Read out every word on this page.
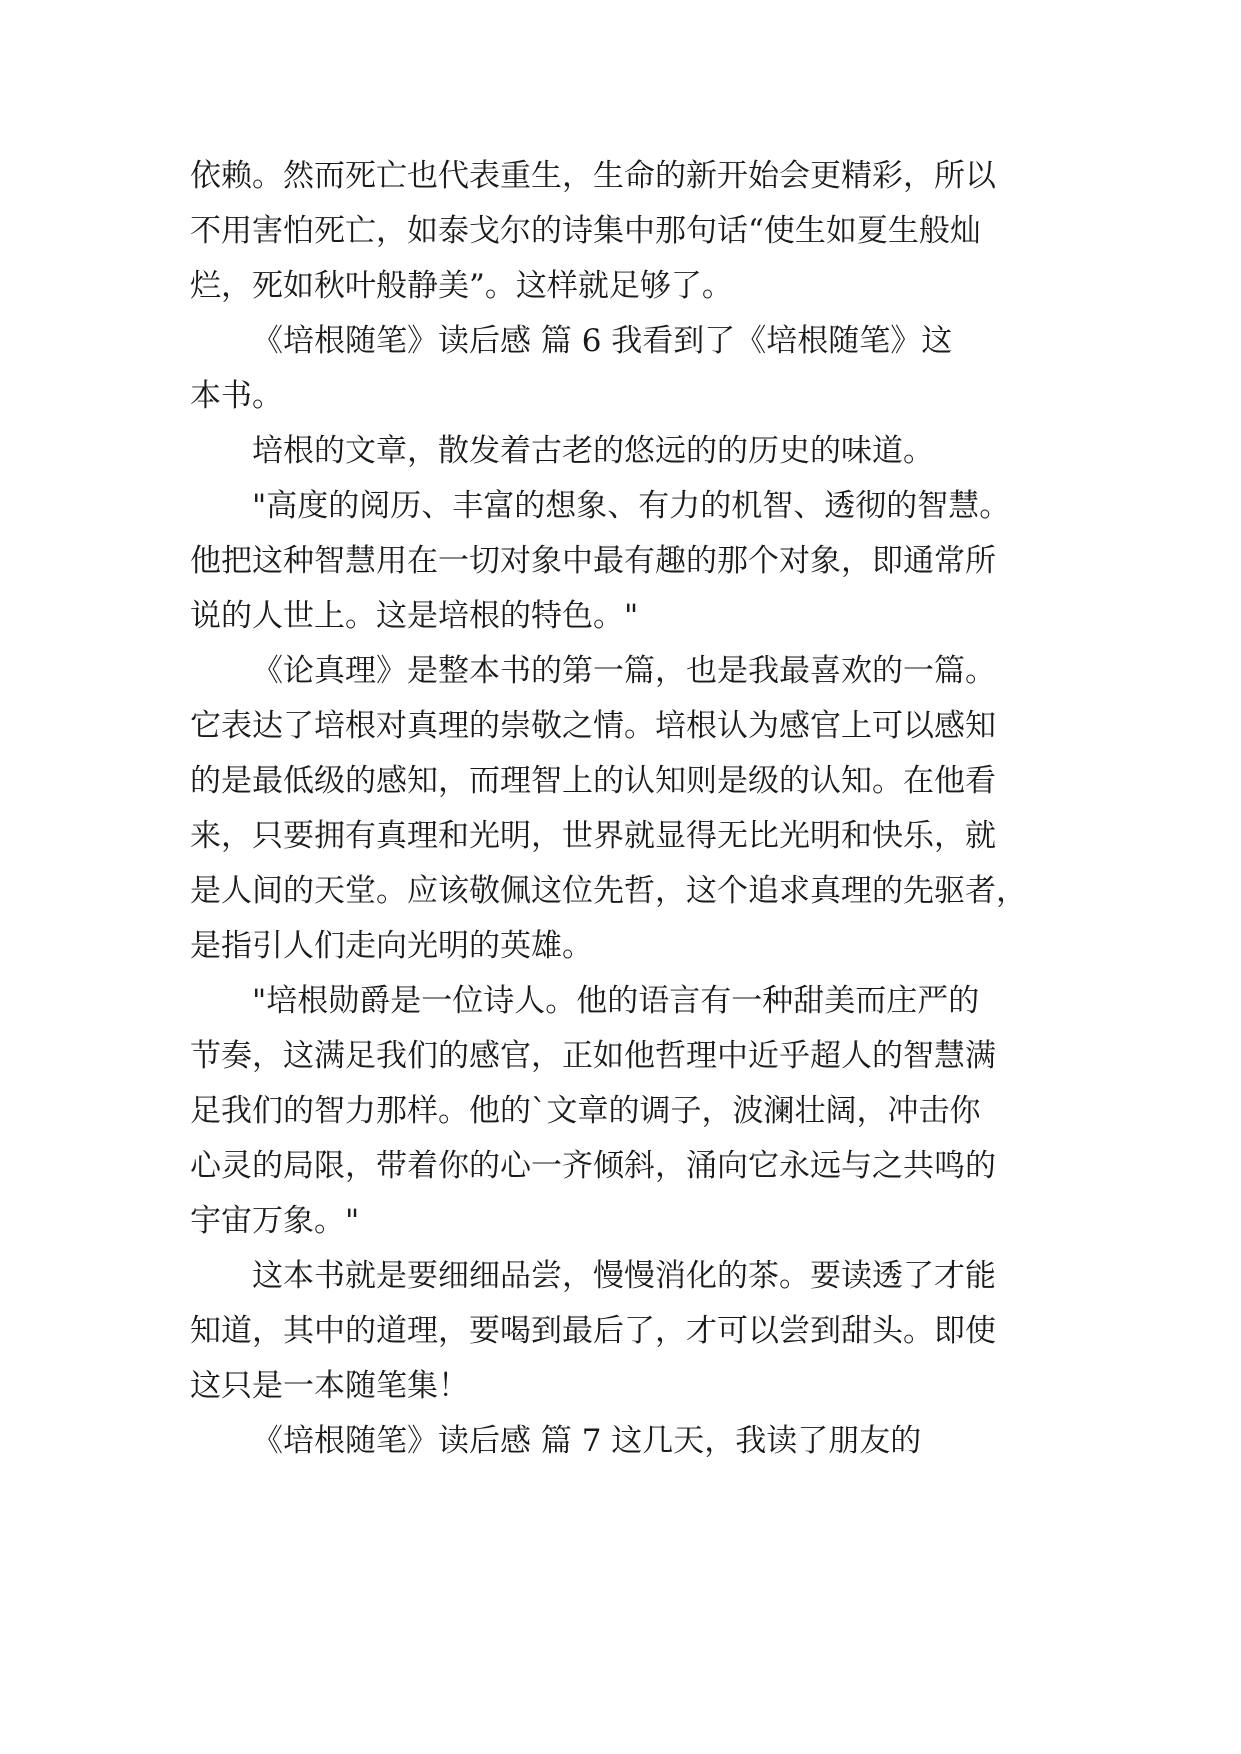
依赖。然而死亡也代表重生，生命的新开始会更精彩，所以
不用害怕死亡，如泰戈尔的诗集中那句话“使生如夏生般灿
烂，死如秋叶般静美”。这样就足够了。
《培根随笔》读后感 篇 6 我看到了《培根随笔》这
本书。
培根的文章，散发着古老的悠远的的历史的味道。
"高度的阅历、丰富的想象、有力的机智、透彻的智慧。
他把这种智慧用在一切对象中最有趣的那个对象，即通常所
说的人世上。这是培根的特色。"
《论真理》是整本书的第一篇，也是我最喜欢的一篇。
它表达了培根对真理的崇敬之情。培根认为感官上可以感知
的是最低级的感知，而理智上的认知则是级的认知。在他看
来，只要拥有真理和光明，世界就显得无比光明和快乐，就
是人间的天堂。应该敬佩这位先哲，这个追求真理的先驱者，
是指引人们走向光明的英雄。
"培根勋爵是一位诗人。他的语言有一种甜美而庄严的
节奏，这满足我们的感官，正如他哲理中近乎超人的智慧满
足我们的智力那样。他的`文章的调子，波澜壮阔，冲击你
心灵的局限，带着你的心一齐倾斜，涌向它永远与之共鸣的
宇宙万象。"
这本书就是要细细品尝，慢慢消化的茶。要读透了才能
知道，其中的道理，要喝到最后了，才可以尝到甜头。即使
这只是一本随笔集！
《培根随笔》读后感 篇 7 这几天，我读了朋友的
